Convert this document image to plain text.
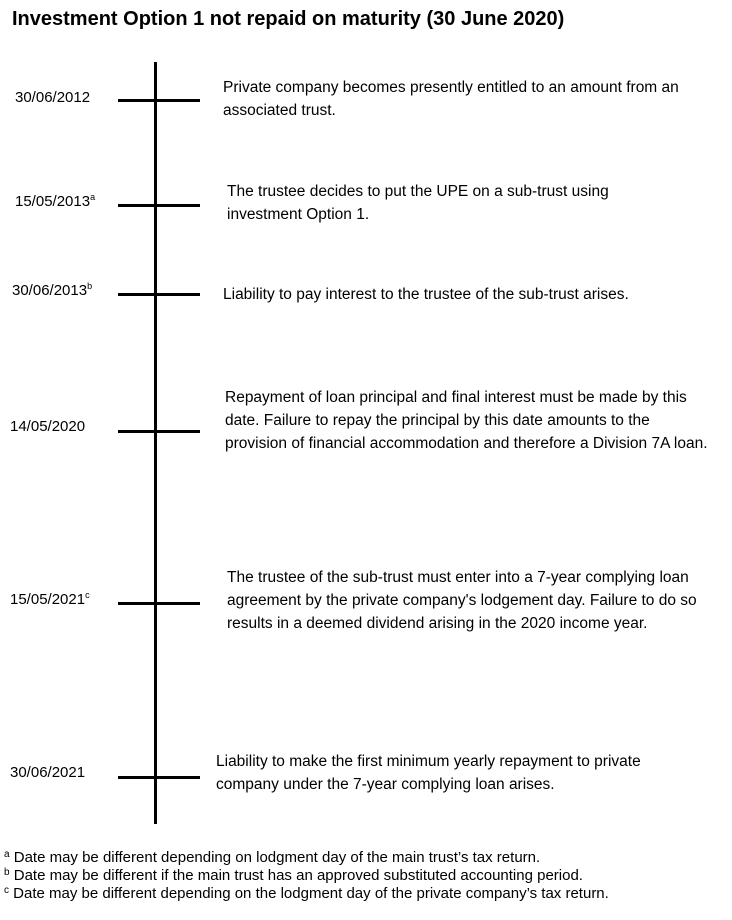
Investment Option 1 not repaid on maturity (30 June 2020)
30/06/2012
Private company becomes presently entitled to an amount from an associated trust.
15/05/2013$^a$	The trustee decides to put the UPE on a sub-trust using investment Option 1.
30/06/2013$^b$	Liability to pay interest to the trustee of the sub-trust arises.
14/05/2020
Repayment of loan principal and final interest must be made by this date. Failure to repay the principal by this date amounts to the provision of financial accommodation and therefore a Division 7A loan.
15/05/2021$^c$
The trustee of the sub-trust must enter into a 7-year complying loan agreement by the private company's lodgement day. Failure to do so results in a deemed dividend arising in the 2020 income year.
30/06/2021
Liability to make the first minimum yearly repayment to private company under the 7-year complying loan arises.
$^a$ Date may be different depending on lodgment day of the main trust’s tax return.
$^b$ Date may be different if the main trust has an approved substituted accounting period.
$^c$ Date may be different depending on the lodgment day of the private company’s tax return.
